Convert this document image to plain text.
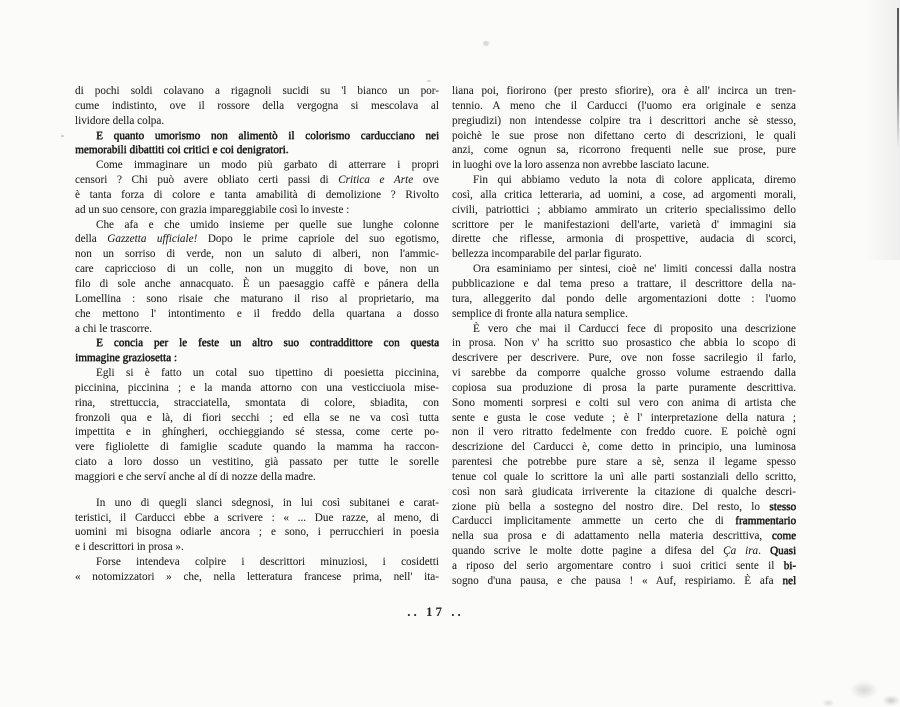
di pochi soldi colavano a rigagnoli sucidi su 'l bianco un por-
cume indistinto, ove il rossore della vergogna si mescolava al
lividore della colpa.
E quanto umorismo non alimentò il colorismo carducciano nei
memorabili dibattiti coi critici e coi denigratori.
Come immaginare un modo più garbato di atterrare i propri
censori ? Chi può avere obliato certi passi di Critica e Arte ove
è tanta forza di colore e tanta amabilità di demolizione ? Rivolto
ad un suo censore, con grazia impareggiabile così lo investe :
Che afa e che umido insieme per quelle sue lunghe colonne
della Gazzetta ufficiale! Dopo le prime capriole del suo egotismo,
non un sorriso di verde, non un saluto di alberi, non l'ammic-
care capriccioso di un colle, non un muggito di bove, non un
filo di sole anche annacquato. È un paesaggio caffè e pánera della
Lomellina : sono risaie che maturano il riso al proprietario, ma
che mettono l' intontimento e il freddo della quartana a dosso
a chi le trascorre.
E concia per le feste un altro suo contraddittore con questa
immagine graziosetta :
Egli si è fatto un cotal suo tipettino di poesietta piccinina,
piccinina, piccinina ; e la manda attorno con una vesticciuola mise-
rina, strettuccia, stracciatella, smontata di colore, sbiadita, con
fronzoli qua e là, di fiori secchi ; ed ella se ne va così tutta
impettita e in ghíngheri, occhieggiando sé stessa, come certe po-
vere figliolette di famiglie scadute quando la mamma ha raccon-
ciato a loro dosso un vestitino, già passato per tutte le sorelle
maggiori e che serví anche al dí di nozze della madre.
In uno di quegli slanci sdegnosi, in lui così subitanei e carat-
teristici, il Carducci ebbe a scrivere : « ... Due razze, al meno, di
uomini mi bisogna odiarle ancora ; e sono, i perrucchieri in poesia
e i descrittori in prosa ».
Forse intendeva colpire i descrittori minuziosi, i cosidetti
« notomizzatori » che, nella letteratura francese prima, nell' ita-
liana poi, fiorirono (per presto sfiorire), ora è all' incirca un tren-
tennio. A meno che il Carducci (l'uomo era originale e senza
pregiudizi) non intendesse colpire tra i descrittori anche sè stesso,
poichè le sue prose non difettano certo di descrizioni, le quali
anzi, come ognun sa, ricorrono frequenti nelle sue prose, pure
in luoghi ove la loro assenza non avrebbe lasciato lacune.
Fin qui abbiamo veduto la nota di colore applicata, diremo
così, alla critica letteraria, ad uomini, a cose, ad argomenti morali,
civili, patriottici ; abbiamo ammirato un criterio specialissimo dello
scrittore per le manifestazioni dell'arte, varietà d' immagini sia
dirette che riflesse, armonia di prospettive, audacia di scorci,
bellezza incomparabile del parlar figurato.
Ora esaminiamo per sintesi, cioè ne' limiti concessi dalla nostra
pubblicazione e dal tema preso a trattare, il descrittore della na-
tura, alleggerito dal pondo delle argomentazioni dotte : l'uomo
semplice di fronte alla natura semplice.
È vero che mai il Carducci fece di proposito una descrizione
in prosa. Non v' ha scritto suo prosastico che abbia lo scopo di
descrivere per descrivere. Pure, ove non fosse sacrilegio il farlo,
vi sarebbe da comporre qualche grosso volume estraendo dalla
copiosa sua produzione di prosa la parte puramente descrittiva.
Sono momenti sorpresi e colti sul vero con anima di artista che
sente e gusta le cose vedute ; è l' interpretazione della natura ;
non il vero ritratto fedelmente con freddo cuore. E poichè ogni
descrizione del Carducci è, come detto in principio, una luminosa
parentesi che potrebbe pure stare a sè, senza il legame spesso
tenue col quale lo scrittore la unì alle parti sostanziali dello scritto,
così non sarà giudicata irriverente la citazione di qualche descri-
zione più bella a sostegno del nostro dire. Del resto, lo stesso
Carducci implicitamente ammette un certo che di frammentario
nella sua prosa e di adattamento nella materia descrittiva, come
quando scrive le molte dotte pagine a difesa del Ça ira. Quasi
a riposo del serio argomentare contro i suoi critici sente il bi-
sogno d'una pausa, e che pausa ! « Auf, respiriamo. È afa nel
.. 17 ..
